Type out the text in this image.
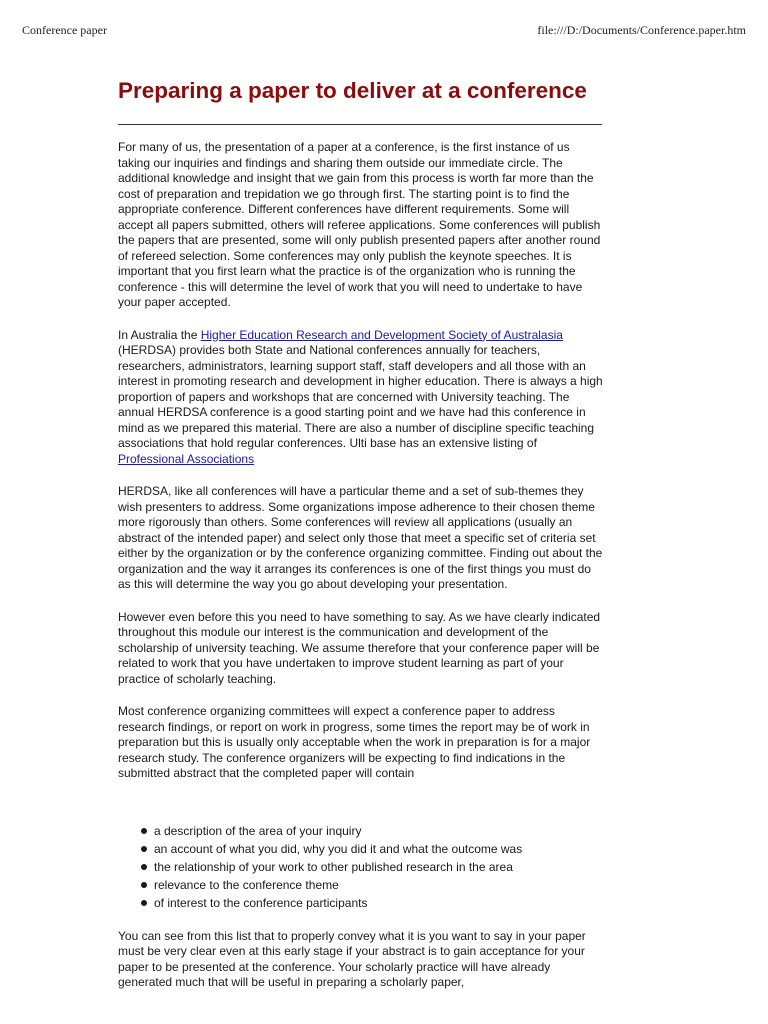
Conference paper	file:///D:/Documents/Conference.paper.htm
Preparing a paper to deliver at a conference

For many of us, the presentation of a paper at a conference, is the first instance of us taking our inquiries and findings and sharing them outside our immediate circle. The additional knowledge and insight that we gain from this process is worth far more than the cost of preparation and trepidation we go through first. The starting point is to find the appropriate conference. Different conferences have different requirements. Some will accept all papers submitted, others will referee applications. Some conferences will publish the papers that are presented, some will only publish presented papers after another round of refereed selection. Some conferences may only publish the keynote speeches. It is important that you first learn what the practice is of the organization who is running the conference - this will determine the level of work that you will need to undertake to have your paper accepted.

In Australia the Higher Education Research and Development Society of Australasia (HERDSA) provides both State and National conferences annually for teachers, researchers, administrators, learning support staff, staff developers and all those with an interest in promoting research and development in higher education. There is always a high proportion of papers and workshops that are concerned with University teaching. The annual HERDSA conference is a good starting point and we have had this conference in mind as we prepared this material. There are also a number of discipline specific teaching associations that hold regular conferences. Ulti base has an extensive listing of Professional Associations

HERDSA, like all conferences will have a particular theme and a set of sub-themes they wish presenters to address. Some organizations impose adherence to their chosen theme more rigorously than others. Some conferences will review all applications (usually an abstract of the intended paper) and select only those that meet a specific set of criteria set either by the organization or by the conference organizing committee. Finding out about the organization and the way it arranges its conferences is one of the first things you must do as this will determine the way you go about developing your presentation.

However even before this you need to have something to say. As we have clearly indicated throughout this module our interest is the communication and development of the scholarship of university teaching. We assume therefore that your conference paper will be related to work that you have undertaken to improve student learning as part of your practice of scholarly teaching.

Most conference organizing committees will expect a conference paper to address research findings, or report on work in progress, some times the report may be of work in preparation but this is usually only acceptable when the work in preparation is for a major research study. The conference organizers will be expecting to find indications in the submitted abstract that the completed paper will contain

a description of the area of your inquiry
an account of what you did, why you did it and what the outcome was
the relationship of your work to other published research in the area
relevance to the conference theme
of interest to the conference participants

You can see from this list that to properly convey what it is you want to say in your paper must be very clear even at this early stage if your abstract is to gain acceptance for your paper to be presented at the conference. Your scholarly practice will have already generated much that will be useful in preparing a scholarly paper,
